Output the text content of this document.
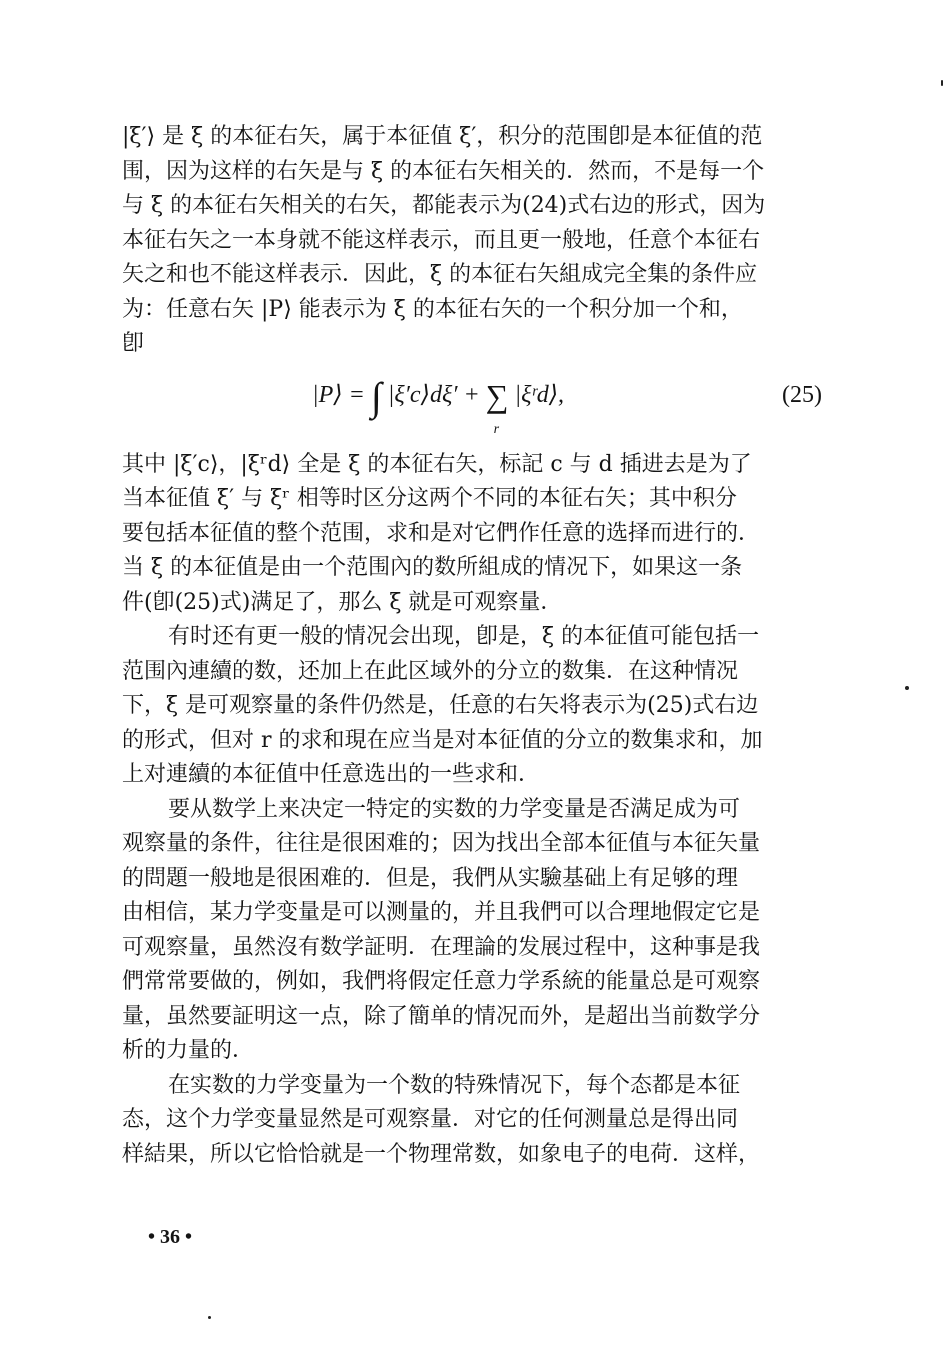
|ξ′⟩ 是 ξ 的本征右矢，属于本征值 ξ′，积分的范围卽是本征值的范
围，因为这样的右矢是与 ξ 的本征右矢相关的．然而，不是每一个
与 ξ 的本征右矢相关的右矢，都能表示为(24)式右边的形式，因为
本征右矢之一本身就不能这样表示，而且更一般地，任意个本征右
矢之和也不能这样表示．因此，ξ 的本征右矢組成完全集的条件应
为：任意右矢 |P⟩ 能表示为 ξ 的本征右矢的一个积分加一个和，
卽
|P⟩ = ∫ |ξ′c⟩dξ′ + ∑
r
|ξʳd⟩,	(25)
其中 |ξ′c⟩，|ξʳd⟩ 全是 ξ 的本征右矢，标記 c 与 d 插进去是为了
当本征值 ξ′ 与 ξʳ 相等时区分这两个不同的本征右矢；其中积分
要包括本征值的整个范围，求和是对它們作任意的选择而进行的．
当 ξ 的本征值是由一个范围內的数所組成的情况下，如果这一条
件(卽(25)式)满足了，那么 ξ 就是可观察量．
有时还有更一般的情况会出现，卽是，ξ 的本征值可能包括一
范围內連續的数，还加上在此区域外的分立的数集．在这种情况
下，ξ 是可观察量的条件仍然是，任意的右矢将表示为(25)式右边
的形式，但对 r 的求和現在应当是对本征值的分立的数集求和，加
上对連續的本征值中任意选出的一些求和．
要从数学上来决定一特定的实数的力学变量是否满足成为可
观察量的条件，往往是很困难的；因为找出全部本征值与本征矢量
的問題一般地是很困难的．但是，我們从实驗基础上有足够的理
由相信，某力学变量是可以测量的，并且我們可以合理地假定它是
可观察量，虽然沒有数学証明．在理論的发展过程中，这种事是我
們常常要做的，例如，我們将假定任意力学系統的能量总是可观察
量，虽然要証明这一点，除了簡单的情况而外，是超出当前数学分
析的力量的．
在实数的力学变量为一个数的特殊情况下，每个态都是本征
态，这个力学变量显然是可观察量．对它的任何测量总是得出同
样結果，所以它恰恰就是一个物理常数，如象电子的电荷．这样，
• 36 •
